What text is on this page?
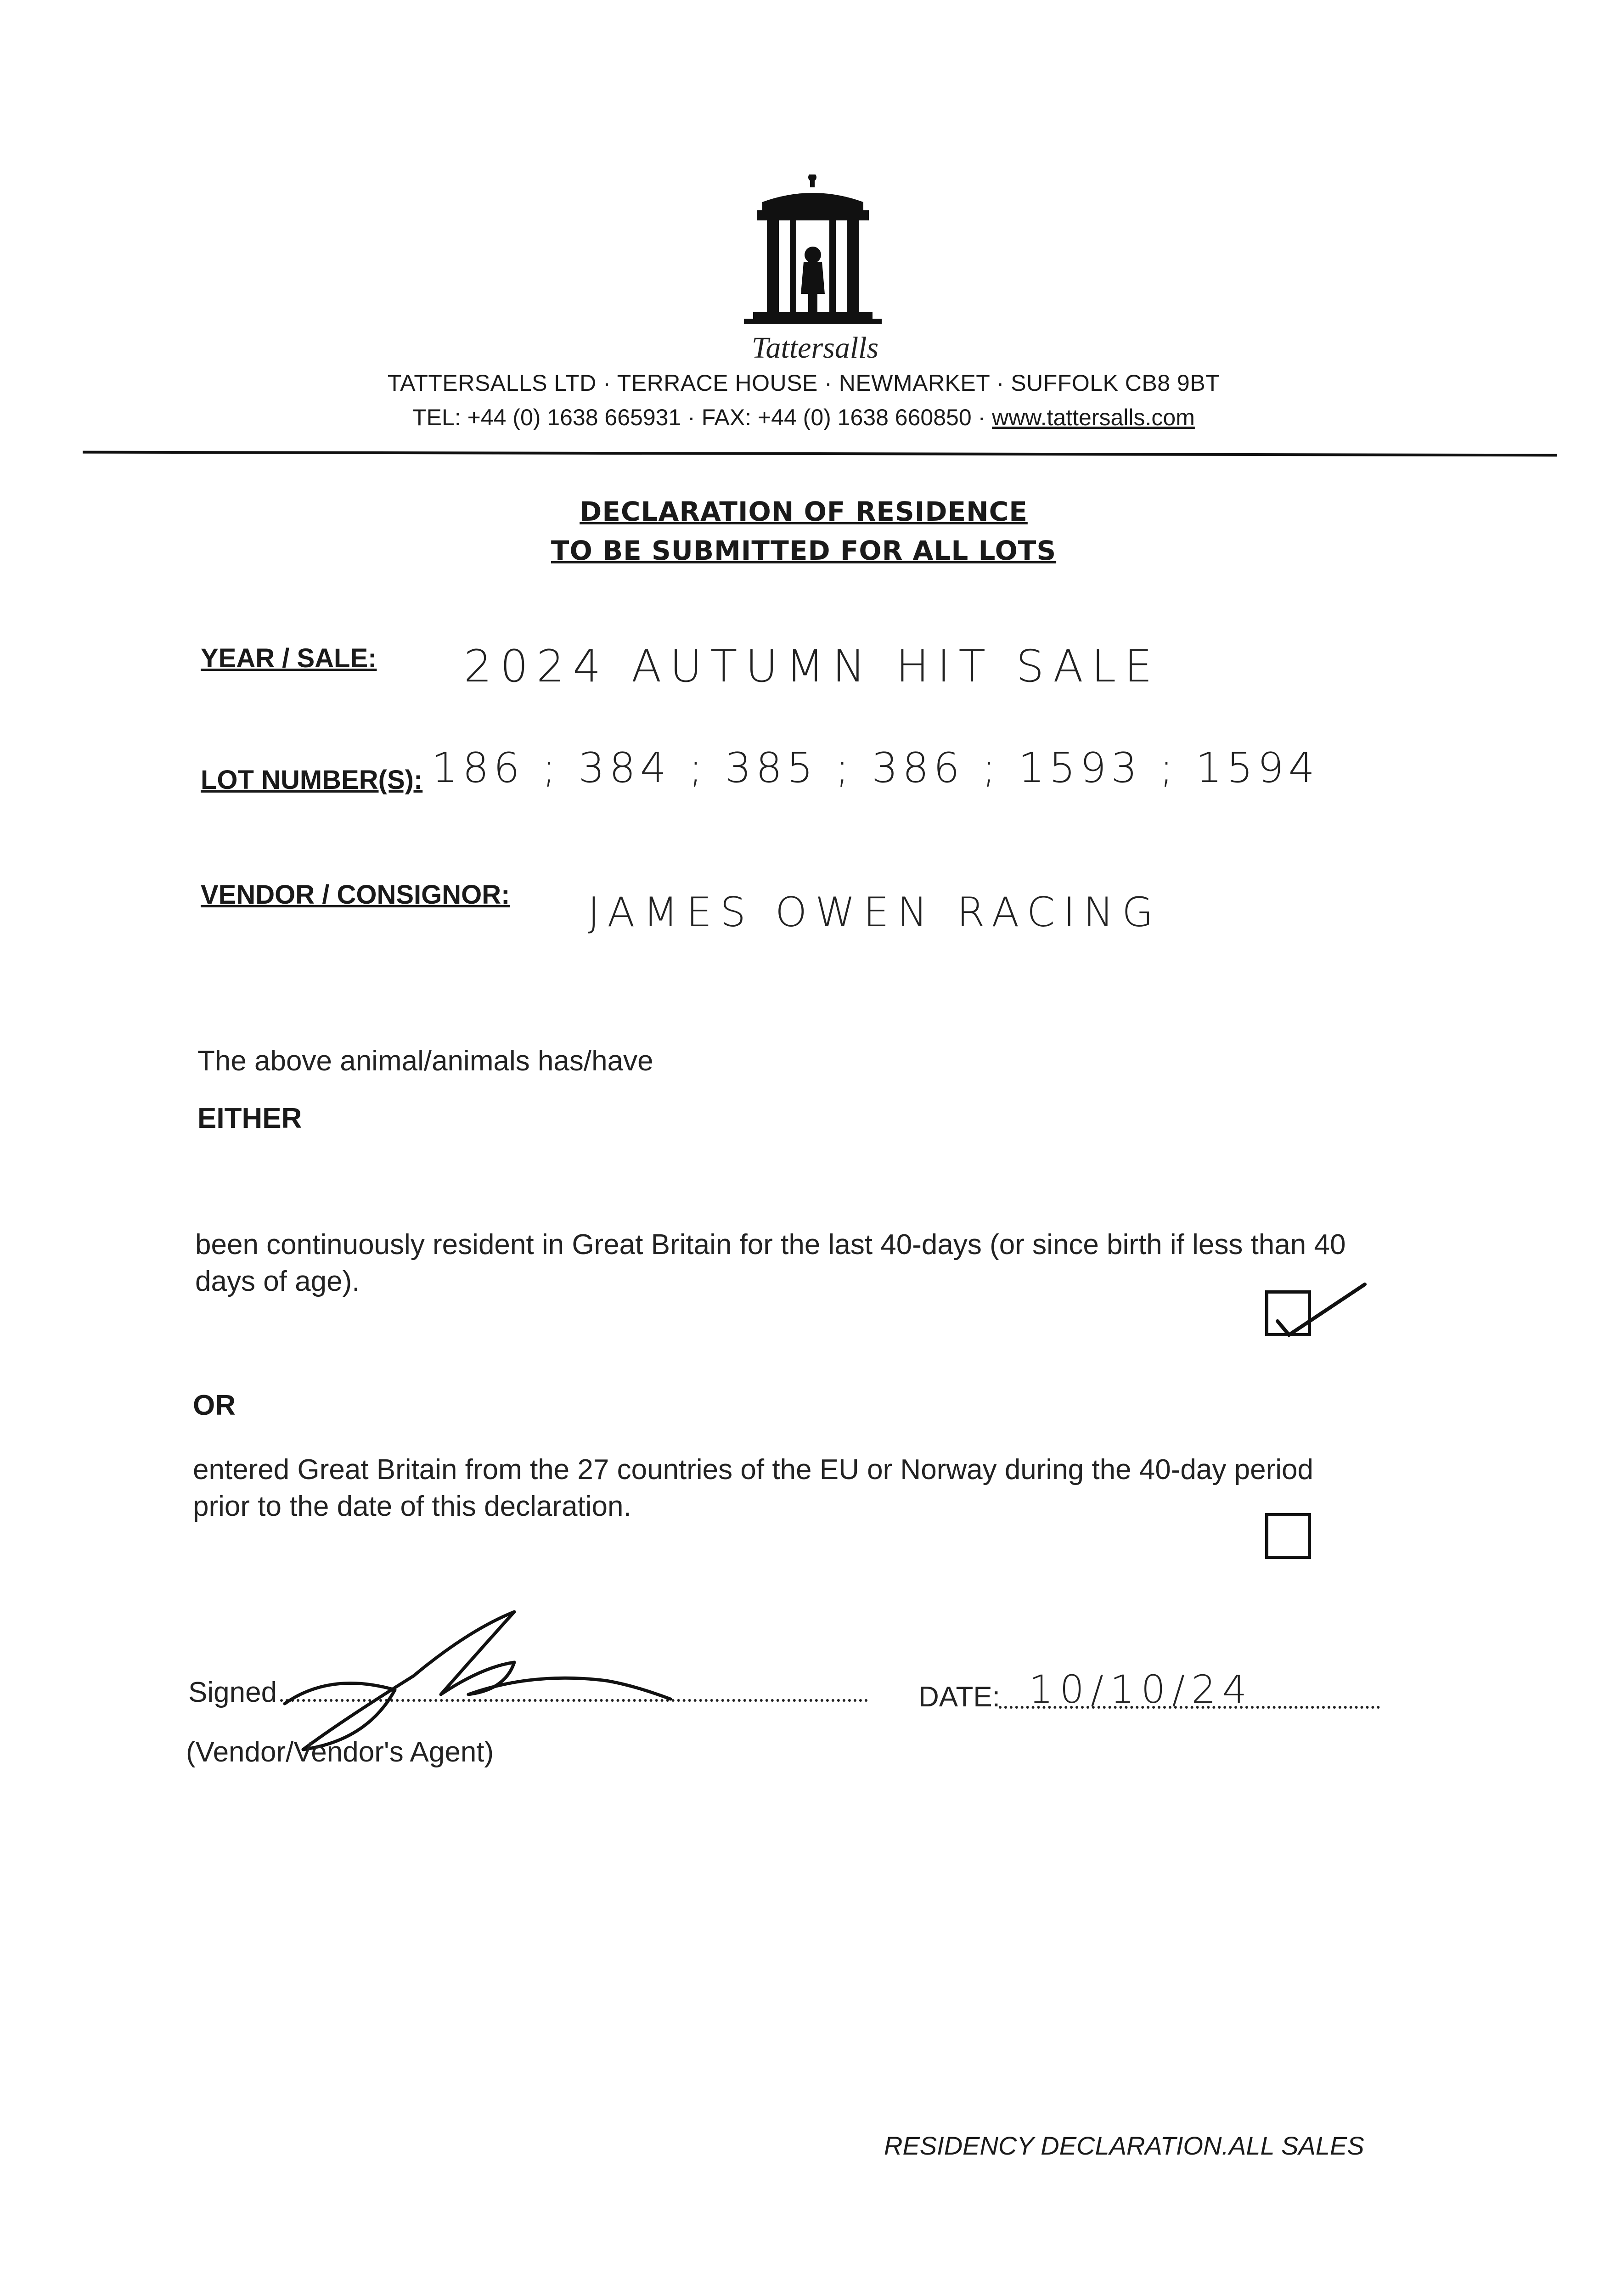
Tattersalls
TATTERSALLS LTD · TERRACE HOUSE · NEWMARKET · SUFFOLK CB8 9BT
TEL: +44 (0) 1638 665931 · FAX: +44 (0) 1638 660850 · www.tattersalls.com
DECLARATION OF RESIDENCE
TO BE SUBMITTED FOR ALL LOTS
YEAR / SALE: 2024 AUTUMN HIT SALE
LOT NUMBER(S): 186 ; 384 ; 385 ; 386 ; 1593 ; 1594
VENDOR / CONSIGNOR: JAMES OWEN RACING
The above animal/animals has/have
EITHER
been continuously resident in Great Britain for the last 40-days (or since birth if less than 40
days of age).
OR
entered Great Britain from the 27 countries of the EU or Norway during the 40-day period
prior to the date of this declaration.
Signed
(Vendor/Vendor's Agent)
DATE: 10/10/24
RESIDENCY DECLARATION.ALL SALES
